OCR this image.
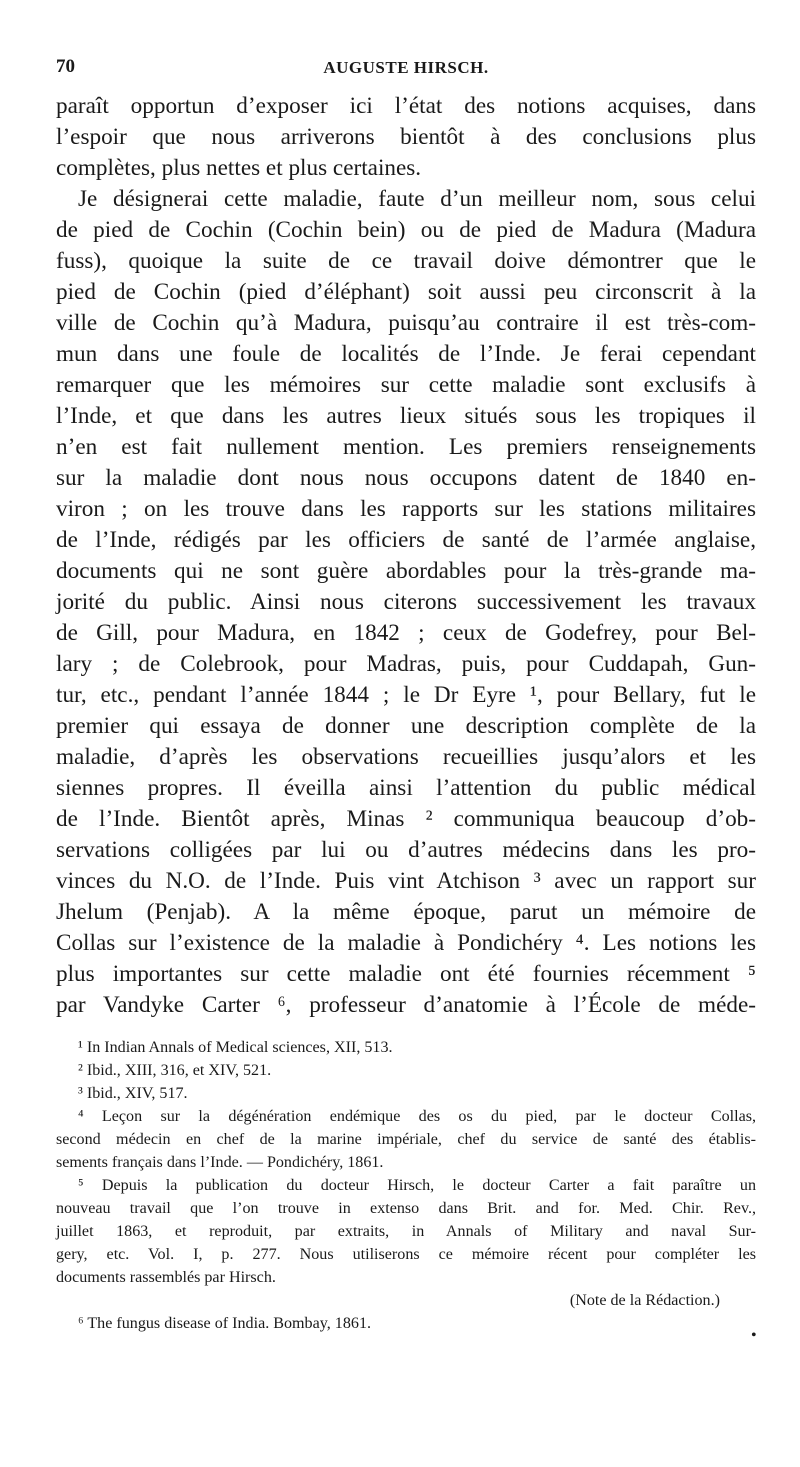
70	AUGUSTE HIRSCH.
paraît opportun d’exposer ici l’état des notions acquises, dans
l’espoir que nous arriverons bientôt à des conclusions plus
complètes, plus nettes et plus certaines.
Je désignerai cette maladie, faute d’un meilleur nom, sous celui
de pied de Cochin (Cochin bein) ou de pied de Madura (Madura
fuss), quoique la suite de ce travail doive démontrer que le
pied de Cochin (pied d’éléphant) soit aussi peu circonscrit à la
ville de Cochin qu’à Madura, puisqu’au contraire il est très-com-
mun dans une foule de localités de l’Inde. Je ferai cependant
remarquer que les mémoires sur cette maladie sont exclusifs à
l’Inde, et que dans les autres lieux situés sous les tropiques il
n’en est fait nullement mention. Les premiers renseignements
sur la maladie dont nous nous occupons datent de 1840 en-
viron ; on les trouve dans les rapports sur les stations militaires
de l’Inde, rédigés par les officiers de santé de l’armée anglaise,
documents qui ne sont guère abordables pour la très-grande ma-
jorité du public. Ainsi nous citerons successivement les travaux
de Gill, pour Madura, en 1842 ; ceux de Godefrey, pour Bel-
lary ; de Colebrook, pour Madras, puis, pour Cuddapah, Gun-
tur, etc., pendant l’année 1844 ; le Dr Eyre ¹, pour Bellary, fut le
premier qui essaya de donner une description complète de la
maladie, d’après les observations recueillies jusqu’alors et les
siennes propres. Il éveilla ainsi l’attention du public médical
de l’Inde. Bientôt après, Minas ² communiqua beaucoup d’ob-
servations colligées par lui ou d’autres médecins dans les pro-
vinces du N.O. de l’Inde. Puis vint Atchison ³ avec un rapport sur
Jhelum (Penjab). A la même époque, parut un mémoire de
Collas sur l’existence de la maladie à Pondichéry ⁴. Les notions les
plus importantes sur cette maladie ont été fournies récemment ⁵
par Vandyke Carter ⁶, professeur d’anatomie à l’École de méde-
¹ In Indian Annals of Medical sciences, XII, 513.
² Ibid., XIII, 316, et XIV, 521.
³ Ibid., XIV, 517.
⁴ Leçon sur la dégénération endémique des os du pied, par le docteur Collas,
second médecin en chef de la marine impériale, chef du service de santé des établis-
sements français dans l’Inde. — Pondichéry, 1861.
⁵ Depuis la publication du docteur Hirsch, le docteur Carter a fait paraître un
nouveau travail que l’on trouve in extenso dans Brit. and for. Med. Chir. Rev.,
juillet 1863, et reproduit, par extraits, in Annals of Military and naval Sur-
gery, etc. Vol. I, p. 277. Nous utiliserons ce mémoire récent pour compléter les
documents rassemblés par Hirsch.
(Note de la Rédaction.)
⁶ The fungus disease of India. Bombay, 1861.
•
